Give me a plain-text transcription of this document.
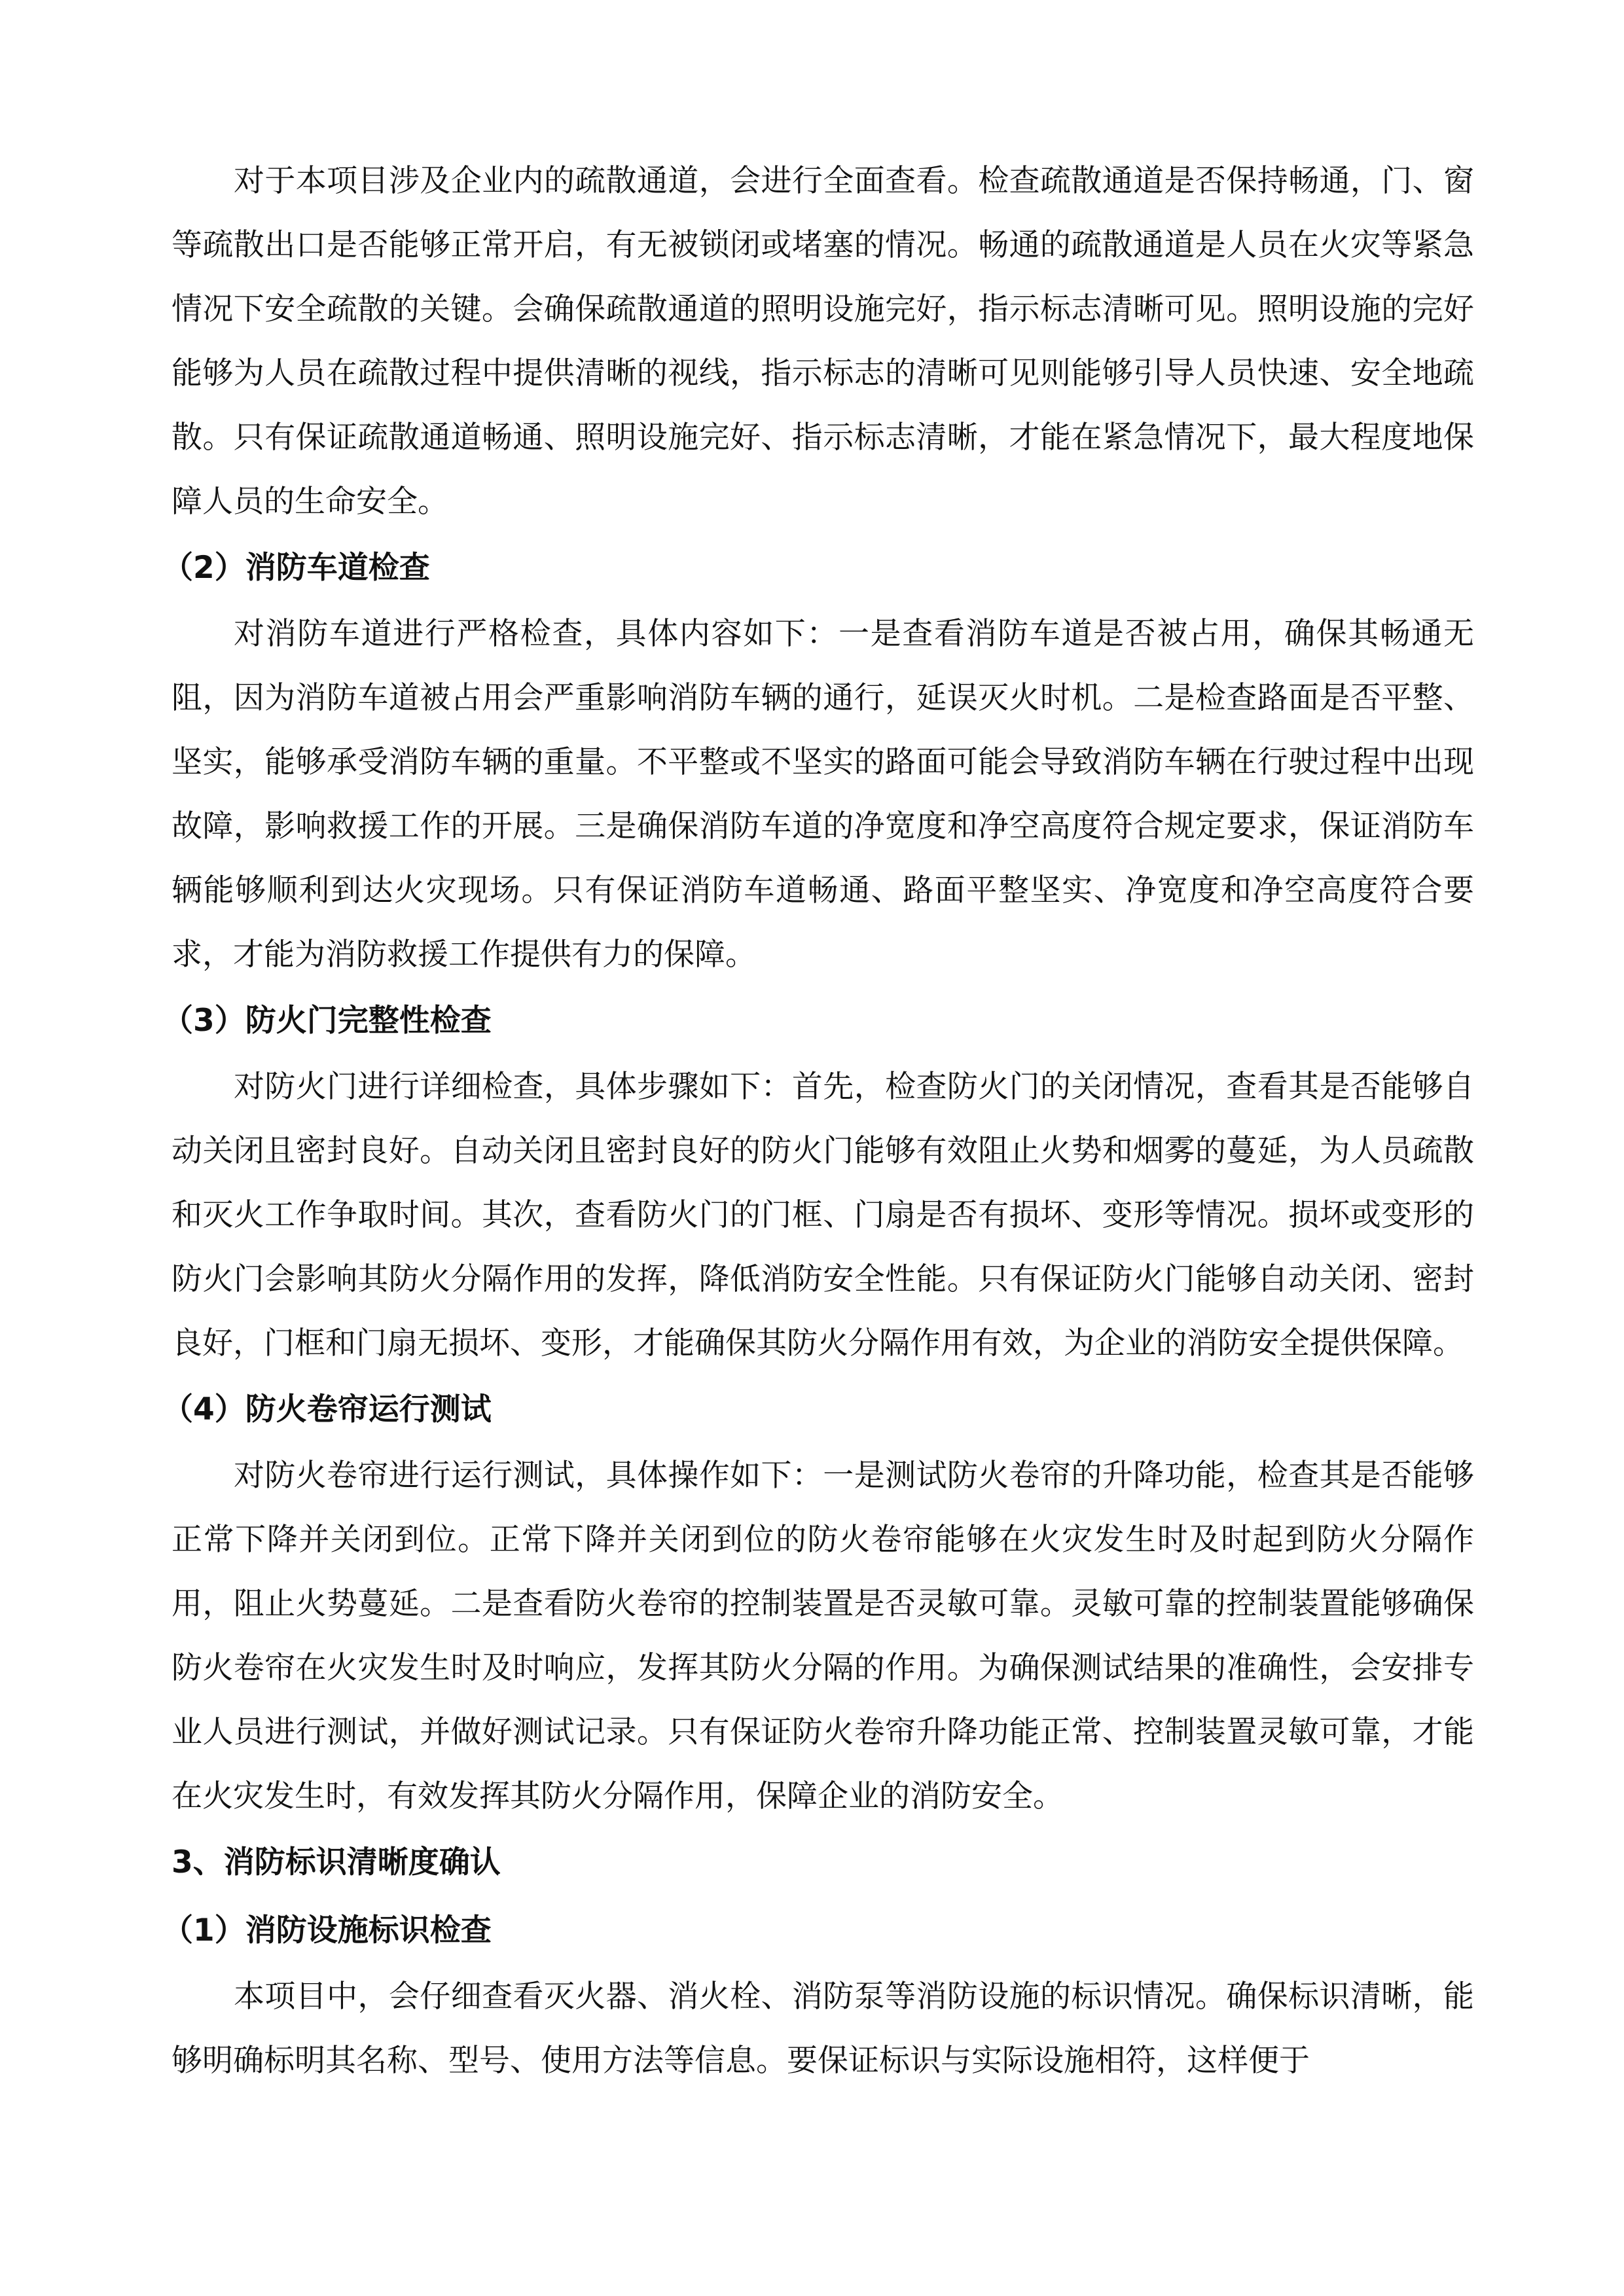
对于本项目涉及企业内的疏散通道，会进行全面查看。检查疏散通道是否保持畅通，门、窗等疏散出口是否能够正常开启，有无被锁闭或堵塞的情况。畅通的疏散通道是人员在火灾等紧急情况下安全疏散的关键。会确保疏散通道的照明设施完好，指示标志清晰可见。照明设施的完好能够为人员在疏散过程中提供清晰的视线，指示标志的清晰可见则能够引导人员快速、安全地疏散。只有保证疏散通道畅通、照明设施完好、指示标志清晰，才能在紧急情况下，最大程度地保障人员的生命安全。

（2）消防车道检查

对消防车道进行严格检查，具体内容如下：一是查看消防车道是否被占用，确保其畅通无阻，因为消防车道被占用会严重影响消防车辆的通行，延误灭火时机。二是检查路面是否平整、坚实，能够承受消防车辆的重量。不平整或不坚实的路面可能会导致消防车辆在行驶过程中出现故障，影响救援工作的开展。三是确保消防车道的净宽度和净空高度符合规定要求，保证消防车辆能够顺利到达火灾现场。只有保证消防车道畅通、路面平整坚实、净宽度和净空高度符合要求，才能为消防救援工作提供有力的保障。

（3）防火门完整性检查

对防火门进行详细检查，具体步骤如下：首先，检查防火门的关闭情况，查看其是否能够自动关闭且密封良好。自动关闭且密封良好的防火门能够有效阻止火势和烟雾的蔓延，为人员疏散和灭火工作争取时间。其次，查看防火门的门框、门扇是否有损坏、变形等情况。损坏或变形的防火门会影响其防火分隔作用的发挥，降低消防安全性能。只有保证防火门能够自动关闭、密封良好，门框和门扇无损坏、变形，才能确保其防火分隔作用有效，为企业的消防安全提供保障。

（4）防火卷帘运行测试

对防火卷帘进行运行测试，具体操作如下：一是测试防火卷帘的升降功能，检查其是否能够正常下降并关闭到位。正常下降并关闭到位的防火卷帘能够在火灾发生时及时起到防火分隔作用，阻止火势蔓延。二是查看防火卷帘的控制装置是否灵敏可靠。灵敏可靠的控制装置能够确保防火卷帘在火灾发生时及时响应，发挥其防火分隔的作用。为确保测试结果的准确性，会安排专业人员进行测试，并做好测试记录。只有保证防火卷帘升降功能正常、控制装置灵敏可靠，才能在火灾发生时，有效发挥其防火分隔作用，保障企业的消防安全。

3、消防标识清晰度确认
（1）消防设施标识检查

本项目中，会仔细查看灭火器、消火栓、消防泵等消防设施的标识情况。确保标识清晰，能够明确标明其名称、型号、使用方法等信息。要保证标识与实际设施相符，这样便于
